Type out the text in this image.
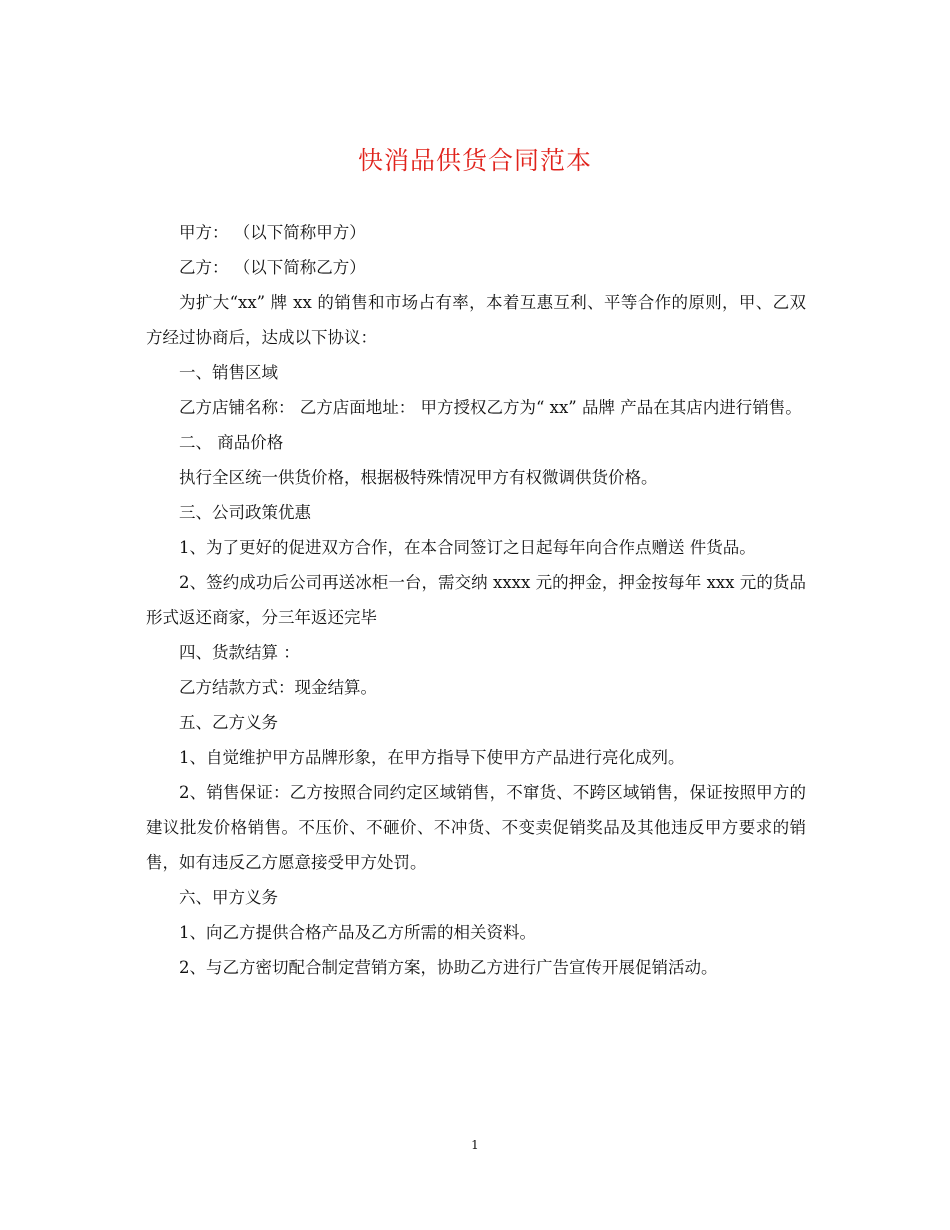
快消品供货合同范本

甲方： （以下简称甲方）

乙方： （以下简称乙方）

为扩大“xx” 牌 xx 的销售和市场占有率，本着互惠互利、平等合作的原则，甲、乙双方经过协商后，达成以下协议：

一、销售区域

乙方店铺名称： 乙方店面地址： 甲方授权乙方为“ xx” 品牌 产品在其店内进行销售。

二、 商品价格

执行全区统一供货价格，根据极特殊情况甲方有权微调供货价格。

三、公司政策优惠

1、为了更好的促进双方合作，在本合同签订之日起每年向合作点赠送 件货品。

2、签约成功后公司再送冰柜一台，需交纳 xxxx 元的押金，押金按每年 xxx 元的货品形式返还商家，分三年返还完毕

四、货款结算 ：

乙方结款方式：现金结算。

五、乙方义务

1、自觉维护甲方品牌形象，在甲方指导下使甲方产品进行亮化成列。

2、销售保证：乙方按照合同约定区域销售，不窜货、不跨区域销售，保证按照甲方的建议批发价格销售。不压价、不砸价、不冲货、不变卖促销奖品及其他违反甲方要求的销售，如有违反乙方愿意接受甲方处罚。

六、甲方义务

1、向乙方提供合格产品及乙方所需的相关资料。

2、与乙方密切配合制定营销方案，协助乙方进行广告宣传开展促销活动。

1
